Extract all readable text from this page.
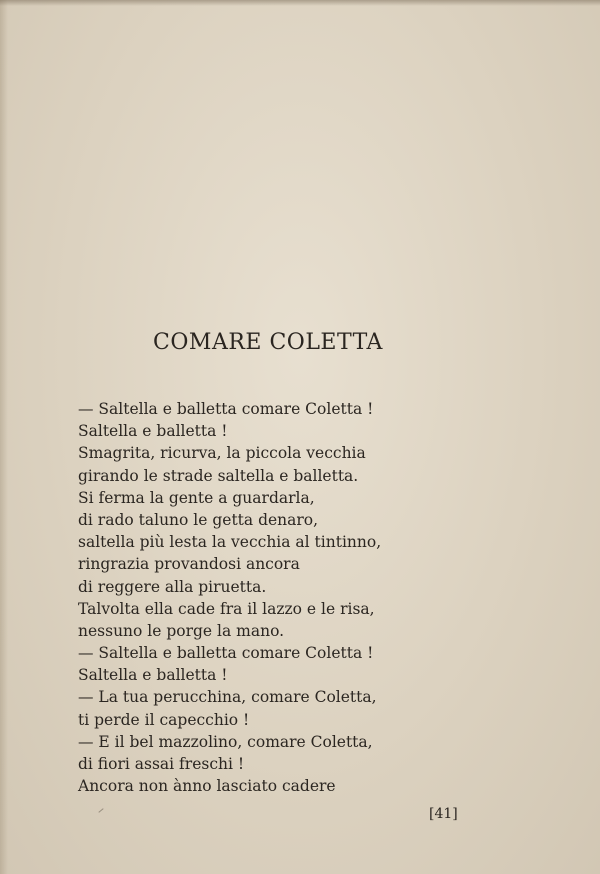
COMARE COLETTA
— Saltella e balletta comare Coletta !
Saltella e balletta !
Smagrita, ricurva, la piccola vecchia
girando le strade saltella e balletta.
Si ferma la gente a guardarla,
di rado taluno le getta denaro,
saltella più lesta la vecchia al tintinno,
ringrazia provandosi ancora
di reggere alla piruetta.
Talvolta ella cade fra il lazzo e le risa,
nessuno le porge la mano.
— Saltella e balletta comare Coletta !
Saltella e balletta !
— La tua perucchina, comare Coletta,
ti perde il capecchio !
— E il bel mazzolino, comare Coletta,
di fiori assai freschi !
Ancora non ànno lasciato cadere
[41]
